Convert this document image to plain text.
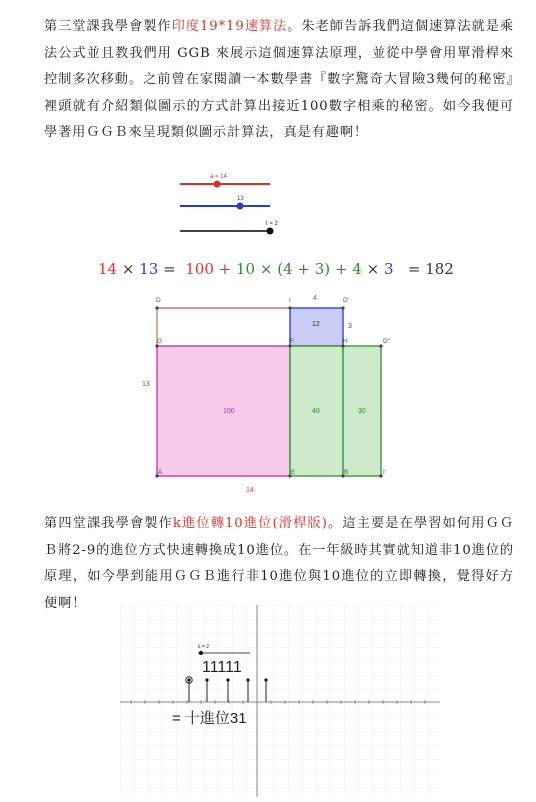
第三堂課我學會製作印度19*19速算法。朱老師告訴我們這個速算法就是乘法公式並且教我們用 GGB 來展示這個速算法原理，並從中學會用單滑桿來控制多次移動。之前曾在家閱讀一本數學書『數字驚奇大冒險3幾何的秘密』裡頭就有介紹類似圖示的方式計算出接近100數字相乘的秘密。如今我便可學著用ＧＧＢ來呈現類似圖示計算法，真是有趣啊！
a = 14
13
t = 2
14 × 13 = 100 + 10 × (4 + 3) + 4 × 3 = 182
D	I	D'
G	F	H	D''
A	E	B	I'
4
3
13
14
12
100	40	30
第四堂課我學會製作k進位轉10進位(滑桿版)。這主要是在學習如何用ＧＧＢ將2-9的進位方式快速轉換成10進位。在一年級時其實就知道非10進位的原理，如今學到能用ＧＧＢ進行非10進位與10進位的立即轉換，覺得好方便啊！
k = 2
11111
= 十進位31
